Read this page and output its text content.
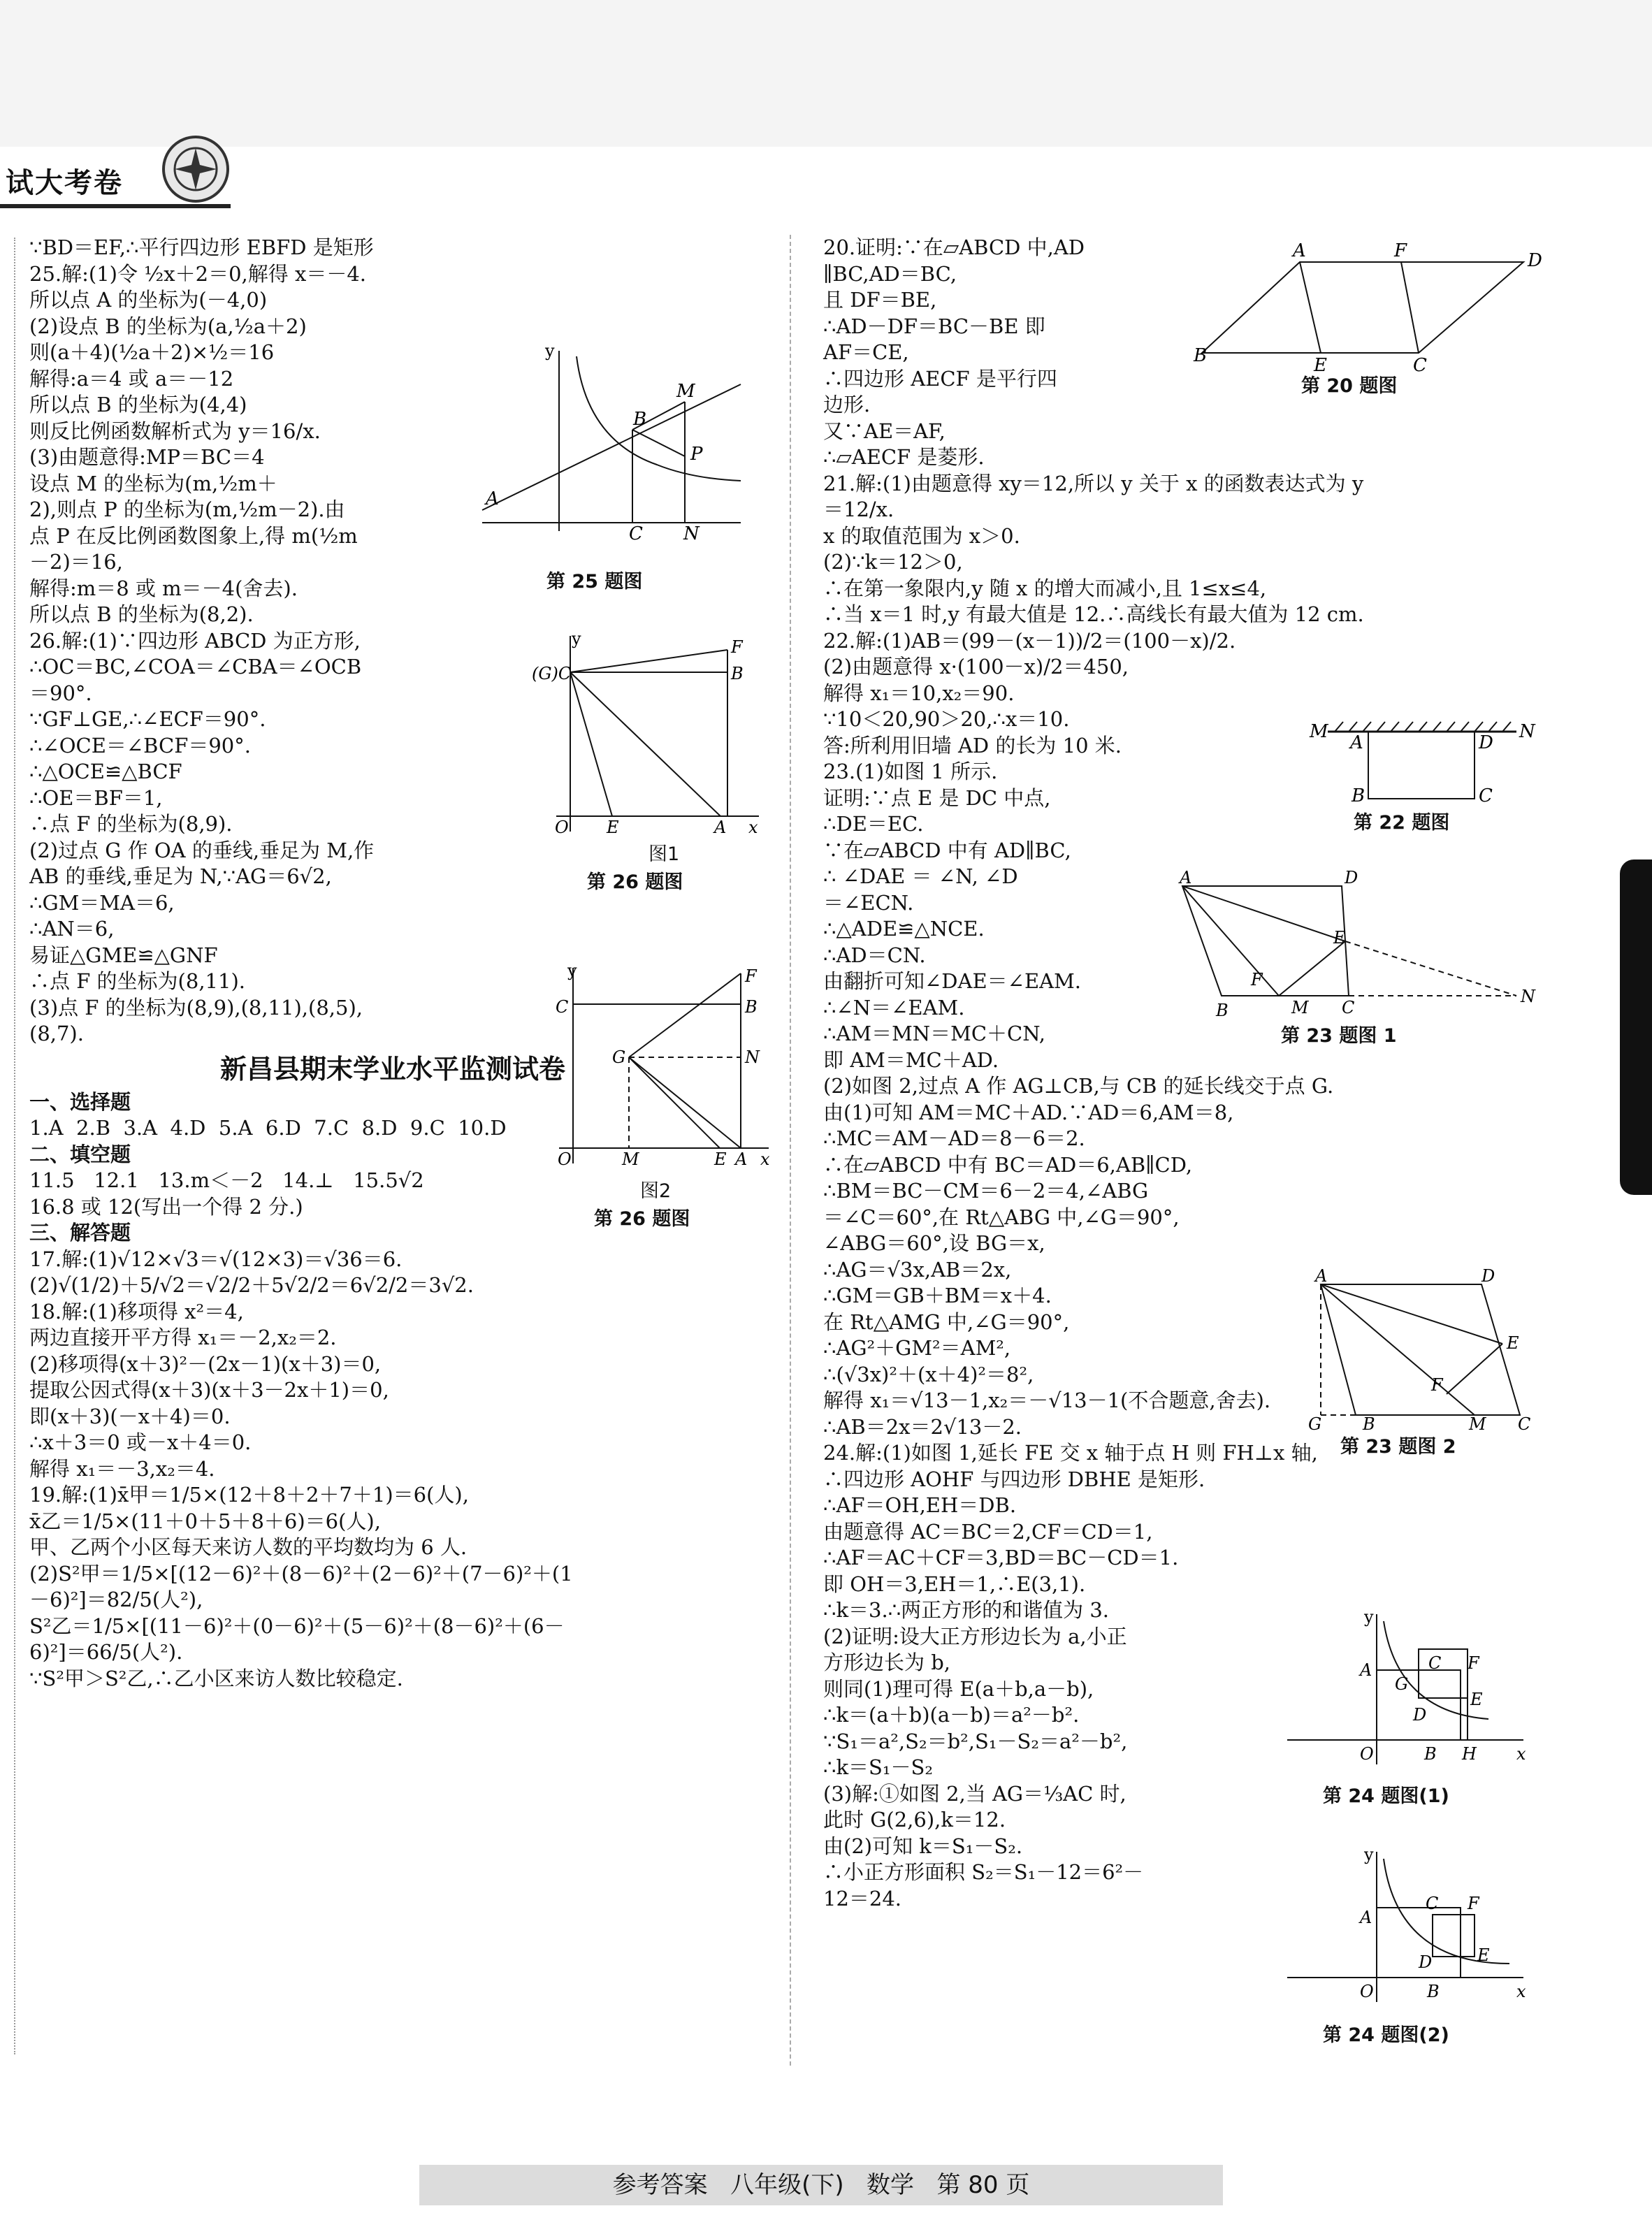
试大考卷
∵BD＝EF,∴平行四边形 EBFD 是矩形
25.解:(1)令 ½x＋2＝0,解得 x＝－4.
所以点 A 的坐标为(－4,0)
(2)设点 B 的坐标为(a,½a＋2)
则(a＋4)(½a＋2)×½＝16
解得:a＝4 或 a＝－12
所以点 B 的坐标为(4,4)
则反比例函数解析式为 y＝16/x.
(3)由题意得:MP＝BC＝4
设点 M 的坐标为(m,½m＋
2),则点 P 的坐标为(m,½m－2).由
点 P 在反比例函数图象上,得 m(½m
－2)＝16,
解得:m＝8 或 m＝－4(舍去).
所以点 B 的坐标为(8,2).
26.解:(1)∵四边形 ABCD 为正方形,
∴OC＝BC,∠COA＝∠CBA＝∠OCB
＝90°.
∵GF⊥GE,∴∠ECF＝90°.
∴∠OCE＝∠BCF＝90°.
∴△OCE≌△BCF
∴OE＝BF＝1,
∴点 F 的坐标为(8,9).
(2)过点 G 作 OA 的垂线,垂足为 M,作
AB 的垂线,垂足为 N,∵AG＝6√2,
∴GM＝MA＝6,
∴AN＝6,
易证△GME≌△GNF
∴点 F 的坐标为(8,11).
(3)点 F 的坐标为(8,9),(8,11),(8,5),
(8,7).
新昌县期末学业水平监测试卷
一、选择题
1.A  2.B  3.A  4.D  5.A  6.D  7.C  8.D  9.C  10.D
二、填空题
11.5   12.1   13.m＜－2   14.⊥   15.5√2
16.8 或 12(写出一个得 2 分.)
三、解答题
17.解:(1)√12×√3＝√(12×3)＝√36＝6.
(2)√(1/2)＋5/√2＝√2/2＋5√2/2＝6√2/2＝3√2.
18.解:(1)移项得 x²＝4,
两边直接开平方得 x₁＝－2,x₂＝2.
(2)移项得(x＋3)²－(2x－1)(x＋3)＝0,
提取公因式得(x＋3)(x＋3－2x＋1)＝0,
即(x＋3)(－x＋4)＝0.
∴x＋3＝0 或－x＋4＝0.
解得 x₁＝－3,x₂＝4.
19.解:(1)x̄甲＝1/5×(12＋8＋2＋7＋1)＝6(人),
x̄乙＝1/5×(11＋0＋5＋8＋6)＝6(人),
甲、乙两个小区每天来访人数的平均数均为 6 人.
(2)S²甲＝1/5×[(12－6)²＋(8－6)²＋(2－6)²＋(7－6)²＋(1
－6)²]＝82/5(人²),
S²乙＝1/5×[(11－6)²＋(0－6)²＋(5－6)²＋(8－6)²＋(6－
6)²]＝66/5(人²).
∵S²甲＞S²乙,∴乙小区来访人数比较稳定.
20.证明:∵在▱ABCD 中,AD
∥BC,AD＝BC,
且 DF＝BE,
∴AD－DF＝BC－BE 即
AF＝CE,
∴四边形 AECF 是平行四
边形.
又∵AE＝AF,
∴▱AECF 是菱形.
21.解:(1)由题意得 xy＝12,所以 y 关于 x 的函数表达式为 y
＝12/x.
x 的取值范围为 x＞0.
(2)∵k＝12＞0,
∴在第一象限内,y 随 x 的增大而减小,且 1≤x≤4,
∴当 x＝1 时,y 有最大值是 12.∴高线长有最大值为 12 cm.
22.解:(1)AB＝(99－(x－1))/2＝(100－x)/2.
(2)由题意得 x·(100－x)/2＝450,
解得 x₁＝10,x₂＝90.
∵10＜20,90＞20,∴x＝10.
答:所利用旧墙 AD 的长为 10 米.
23.(1)如图 1 所示.
证明:∵点 E 是 DC 中点,
∴DE＝EC.
∵在▱ABCD 中有 AD∥BC,
∴ ∠DAE ＝ ∠N, ∠D
＝∠ECN.
∴△ADE≌△NCE.
∴AD＝CN.
由翻折可知∠DAE＝∠EAM.
∴∠N＝∠EAM.
∴AM＝MN＝MC＋CN,
即 AM＝MC＋AD.
(2)如图 2,过点 A 作 AG⊥CB,与 CB 的延长线交于点 G.
由(1)可知 AM＝MC＋AD.∵AD＝6,AM＝8,
∴MC＝AM－AD＝8－6＝2.
∴在▱ABCD 中有 BC＝AD＝6,AB∥CD,
∴BM＝BC－CM＝6－2＝4,∠ABG
＝∠C＝60°,在 Rt△ABG 中,∠G＝90°,
∠ABG＝60°,设 BG＝x,
∴AG＝√3x,AB＝2x,
∴GM＝GB＋BM＝x＋4.
在 Rt△AMG 中,∠G＝90°,
∴AG²＋GM²＝AM²,
∴(√3x)²＋(x＋4)²＝8²,
解得 x₁＝√13－1,x₂＝－√13－1(不合题意,舍去).
∴AB＝2x＝2√13－2.
24.解:(1)如图 1,延长 FE 交 x 轴于点 H 则 FH⊥x 轴,
∴四边形 AOHF 与四边形 DBHE 是矩形.
∴AF＝OH,EH＝DB.
由题意得 AC＝BC＝2,CF＝CD＝1,
∴AF＝AC＋CF＝3,BD＝BC－CD＝1.
即 OH＝3,EH＝1,∴E(3,1).
∴k＝3.∴两正方形的和谐值为 3.
(2)证明:设大正方形边长为 a,小正
方形边长为 b,
则同(1)理可得 E(a＋b,a－b),
∴k＝(a＋b)(a－b)＝a²－b².
∵S₁＝a²,S₂＝b²,S₁－S₂＝a²－b²,
∴k＝S₁－S₂
(3)解:①如图 2,当 AG＝⅓AC 时,
此时 G(2,6),k＝12.
由(2)可知 k＝S₁－S₂.
∴小正方形面积 S₂＝S₁－12＝6²－
12＝24.
y
A
B
C N
M
P
第 25 题图
y
(G)C
F
B
O E	A x
图1
第 26 题图
y
C
F
B
G	N
O	M	E A x
图2
第 26 题图
A	F	D
B	E	C
第 20 题图
M
A	D
N
B	C
第 22 题图
A	D
E
F
B	M C
N
第 23 题图 1
A	D
E
F
G B	M C
第 23 题图 2
y
A
G
C F
D
E
O	B H x
第 24 题图(1)
y
A
C F
D	E
O	B	x
第 24 题图(2)
参考答案   八年级(下)   数学   第 80 页
